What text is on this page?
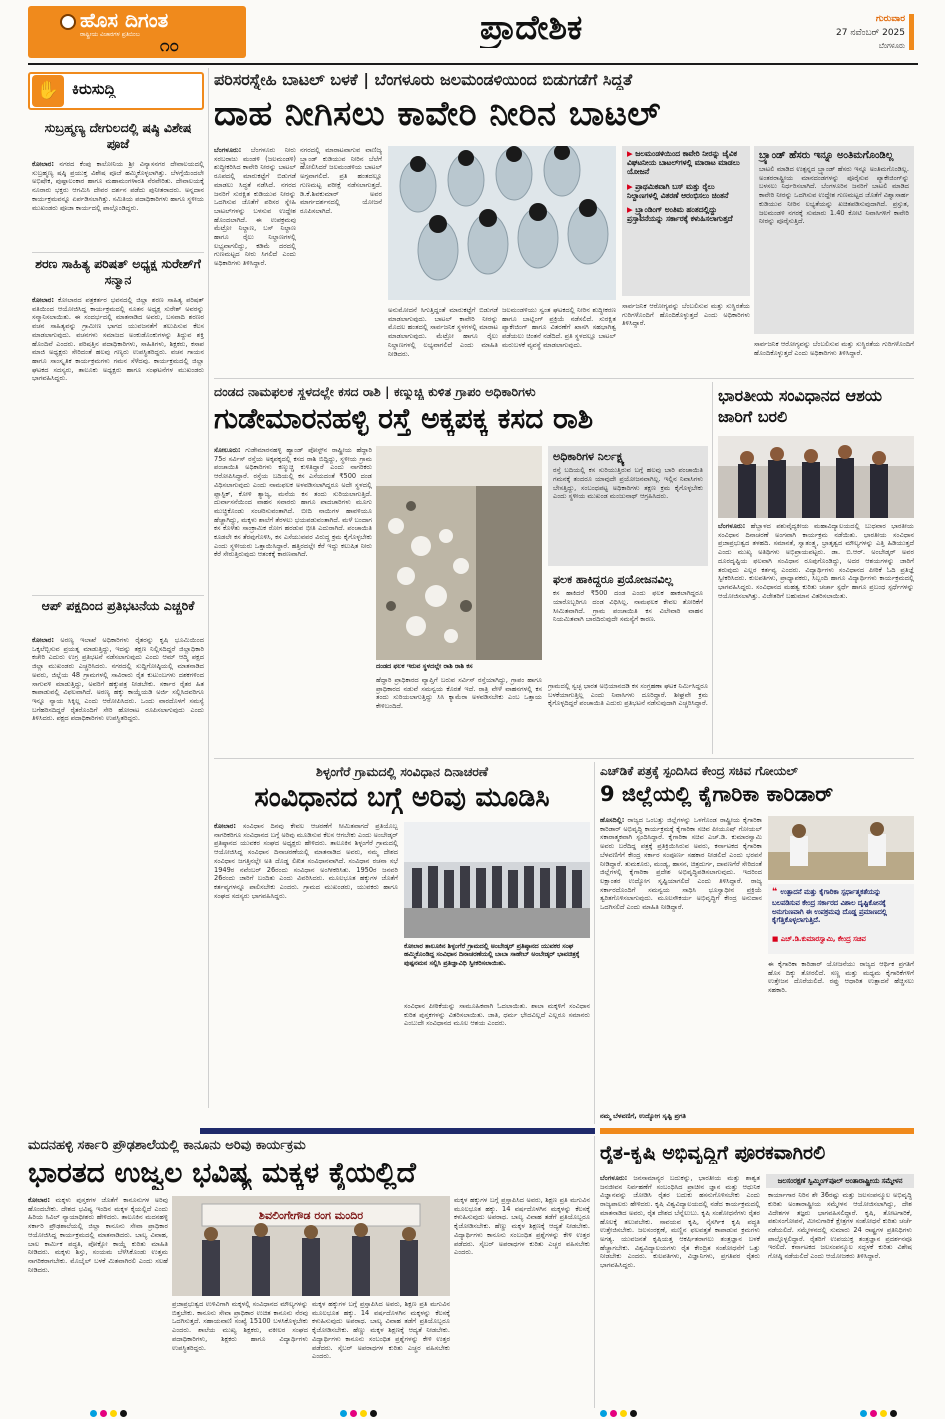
ಹೊಸ ದಿಗಂತ
ರಾಷ್ಟ್ರೀಯ ವಿಚಾರಗಳ ಪ್ರತಿಬಿಂಬ
೧೦	ಪ್ರಾದೇಶಿಕ	ಗುರುವಾರ
27 ನವೆಂಬರ್ 2025
ಬೆಂಗಳೂರು
✋ ಕಿರುಸುದ್ದಿ
ಸುಬ್ರಹ್ಮಣ್ಯ ದೇಗುಲದಲ್ಲಿ ಷಷ್ಠಿ ವಿಶೇಷ ಪೂಜೆ
ಕೋಲಾರ: ನಗರದ ಕೆಂಪು ಕಾಲೋನಿಯ ಶ್ರೀ ವಿನ್ಯಾಸನಗರ ದೇವಾಲಯದಲ್ಲಿ ಸುಬ್ರಹ್ಮಣ್ಯ ಷಷ್ಠಿ ಪ್ರಯುಕ್ತ ವಿಶೇಷ ಪೂಜೆ ಹಮ್ಮಿಕೊಳ್ಳಲಾಗಿತ್ತು. ಬೆಳಗ್ಗೆಯಿಂದಲೇ ಅಭಿಷೇಕ, ಪುಷ್ಪಾಲಂಕಾರ ಹಾಗೂ ಮಹಾಮಂಗಳಾರತಿ ನೆರವೇರಿತು. ದೇವಾಲಯಕ್ಕೆ ನೂರಾರು ಭಕ್ತರು ಆಗಮಿಸಿ ದೇವರ ದರ್ಶನ ಪಡೆದು ಪುನೀತರಾದರು. ಅನ್ನದಾನ ಕಾರ್ಯಕ್ರಮವನ್ನೂ ಏರ್ಪಡಿಸಲಾಗಿತ್ತು. ಸಮಿತಿಯ ಪದಾಧಿಕಾರಿಗಳು ಹಾಗೂ ಸ್ಥಳೀಯ ಮುಖಂಡರು ಪೂಜಾ ಕಾರ್ಯದಲ್ಲಿ ಪಾಲ್ಗೊಂಡಿದ್ದರು.
ಶರಣ ಸಾಹಿತ್ಯ ಪರಿಷತ್ ಅಧ್ಯಕ್ಷ ಸುರೇಶ್‌ಗೆ ಸನ್ಮಾನ
ಕೋಲಾರ: ಕೋಲಾರದ ಪತ್ರಕರ್ತರ ಭವನದಲ್ಲಿ ಜಿಲ್ಲಾ ಶರಣ ಸಾಹಿತ್ಯ ಪರಿಷತ್ ವತಿಯಿಂದ ಆಯೋಜಿಸಿದ್ದ ಕಾರ್ಯಕ್ರಮದಲ್ಲಿ ನೂತನ ಅಧ್ಯಕ್ಷ ಸುರೇಶ್ ಅವರನ್ನು ಸನ್ಮಾನಿಸಲಾಯಿತು. ಈ ಸಂದರ್ಭದಲ್ಲಿ ಮಾತನಾಡಿದ ಅವರು, ಬಸವಾದಿ ಶರಣರ ವಚನ ಸಾಹಿತ್ಯವನ್ನು ಗ್ರಾಮೀಣ ಭಾಗದ ಯುವಜನತೆಗೆ ತಲುಪಿಸುವ ಕೆಲಸ ಮಾಡಲಾಗುವುದು. ವಚನಗಳು ಸಮಾಜದ ಅಂಕುಡೊಂಕುಗಳನ್ನು ತಿದ್ದುವ ಶಕ್ತಿ ಹೊಂದಿವೆ ಎಂದರು. ಪರಿಷತ್ತಿನ ಪದಾಧಿಕಾರಿಗಳು, ಸಾಹಿತಿಗಳು, ಶಿಕ್ಷಕರು, ಕಸಾಪ ಮಾಜಿ ಅಧ್ಯಕ್ಷರು ಸೇರಿದಂತೆ ಹಲವು ಗಣ್ಯರು ಉಪಸ್ಥಿತರಿದ್ದರು. ವಚನ ಗಾಯನ ಹಾಗೂ ಸಾಂಸ್ಕೃತಿಕ ಕಾರ್ಯಕ್ರಮಗಳು ಗಮನ ಸೆಳೆದವು. ಕಾರ್ಯಕ್ರಮದಲ್ಲಿ ಜಿಲ್ಲಾ ಘಟಕದ ಸದಸ್ಯರು, ತಾಲೂಕು ಅಧ್ಯಕ್ಷರು ಹಾಗೂ ಸಂಘಟನೆಗಳ ಮುಖಂಡರು ಭಾಗವಹಿಸಿದ್ದರು.
ಆಪ್ ಪಕ್ಷದಿಂದ ಪ್ರತಿಭಟನೆಯ ಎಚ್ಚರಿಕೆ
ಕೋಲಾರ: ಅರಣ್ಯ ಇಲಾಖೆ ಅಧಿಕಾರಿಗಳು ರೈತರನ್ನು ಕೃಷಿ ಭೂಮಿಯಿಂದ ಒಕ್ಕಲೆಬ್ಬಿಸುವ ಪ್ರಯತ್ನ ಮಾಡುತ್ತಿದ್ದು, ಇದನ್ನು ತಕ್ಷಣ ನಿಲ್ಲಿಸದಿದ್ದರೆ ಜಿಲ್ಲಾಧಿಕಾರಿ ಕಚೇರಿ ಎದುರು ಉಗ್ರ ಪ್ರತಿಭಟನೆ ನಡೆಸಲಾಗುವುದು ಎಂದು ಆಮ್ ಆದ್ಮಿ ಪಕ್ಷದ ಜಿಲ್ಲಾ ಮುಖಂಡರು ಎಚ್ಚರಿಸಿದರು. ನಗರದಲ್ಲಿ ಸುದ್ದಿಗೋಷ್ಠಿಯಲ್ಲಿ ಮಾತನಾಡಿದ ಅವರು, ಜಿಲ್ಲೆಯ 48 ಗ್ರಾಮಗಳಲ್ಲಿ ಸಾವಿರಾರು ರೈತ ಕುಟುಂಬಗಳು ದಶಕಗಳಿಂದ ಸಾಗುವಳಿ ಮಾಡುತ್ತಿದ್ದು, ಅವರಿಗೆ ಹಕ್ಕುಪತ್ರ ನೀಡಬೇಕು. ಸರ್ಕಾರ ರೈತರ ಹಿತ ಕಾಪಾಡುವಲ್ಲಿ ವಿಫಲವಾಗಿದೆ. ಅರಣ್ಯ ಹಕ್ಕು ಕಾಯ್ದೆಯಡಿ ಅರ್ಜಿ ಸಲ್ಲಿಸಿದವರಿಗೂ ಇನ್ನೂ ನ್ಯಾಯ ಸಿಕ್ಕಿಲ್ಲ ಎಂದು ಆರೋಪಿಸಿದರು. ಒಂದು ವಾರದೊಳಗೆ ಸಮಸ್ಯೆ ಬಗೆಹರಿಸದಿದ್ದರೆ ರೈತರೊಂದಿಗೆ ಸೇರಿ ಹೋರಾಟ ರೂಪಿಸಲಾಗುವುದು ಎಂದು ತಿಳಿಸಿದರು. ಪಕ್ಷದ ಪದಾಧಿಕಾರಿಗಳು ಉಪಸ್ಥಿತರಿದ್ದರು.
ಪರಿಸರಸ್ನೇಹಿ ಬಾಟಲ್ ಬಳಕೆ | ಬೆಂಗಳೂರು ಜಲಮಂಡಳಿಯಿಂದ ಬಿಡುಗಡೆಗೆ ಸಿದ್ಧತೆ
ದಾಹ ನೀಗಿಸಲು ಕಾವೇರಿ ನೀರಿನ ಬಾಟಲ್
ಬೆಂಗಳೂರು: ಬೆಂಗಳೂರು ನೀರು ಸರಬರಾಜು ಮಂಡಳಿ (ಜಲಮಂಡಳಿ) ಶುದ್ಧೀಕರಿಸಿದ ಕಾವೇರಿ ನೀರನ್ನು ಬಾಟಲ್ ರೂಪದಲ್ಲಿ ಮಾರುಕಟ್ಟೆಗೆ ಬಿಡುಗಡೆ ಮಾಡಲು ಸಿದ್ಧತೆ ನಡೆಸಿದೆ. ನಗರದ ಜನರಿಗೆ ಸುರಕ್ಷಿತ ಕುಡಿಯುವ ನೀರನ್ನು ಒದಗಿಸುವ ಜೊತೆಗೆ ಪರಿಸರ ಸ್ನೇಹಿ ಬಾಟಲ್‌ಗಳನ್ನು ಬಳಸುವ ಉದ್ದೇಶ ಹೊಂದಲಾಗಿದೆ. ಈ ಉಪಕ್ರಮವು ಮೆಟ್ರೋ ನಿಲ್ದಾಣ, ಬಸ್ ನಿಲ್ದಾಣ ಹಾಗೂ ರೈಲು ನಿಲ್ದಾಣಗಳಲ್ಲಿ ಲಭ್ಯವಾಗಲಿದ್ದು, ಕಡಿಮೆ ದರದಲ್ಲಿ ಗುಣಮಟ್ಟದ ನೀರು ಸಿಗಲಿದೆ ಎಂದು ಅಧಿಕಾರಿಗಳು ತಿಳಿಸಿದ್ದಾರೆ.
ನಗರದಲ್ಲಿ ಮಾರಾಟವಾಗುವ ವಾಣಿಜ್ಯ ಬ್ರ್ಯಾಂಡ್ ಕುಡಿಯುವ ನೀರಿನ ಬೆಲೆಗೆ ಹೋಲಿಸಿದರೆ ಜಲಮಂಡಳಿಯ ಬಾಟಲ್ ಅಗ್ಗವಾಗಲಿದೆ. ಪ್ರತಿ ಹಂತದಲ್ಲೂ ಗುಣಮಟ್ಟ ಪರೀಕ್ಷೆ ನಡೆಸಲಾಗುತ್ತದೆ. ಡಿ.ಕೆ.ಶಿವಕುಮಾರ್ ಅವರ ಮಾರ್ಗದರ್ಶನದಲ್ಲಿ ಯೋಜನೆ ರೂಪಿಸಲಾಗಿದೆ.
ಅನುಮೋದನೆ ಸಿಗುತ್ತಿದ್ದಂತೆ ಮಾರುಕಟ್ಟೆಗೆ ಬಿಡುಗಡೆ ಮಾಡಲಾಗುವುದು. ಬಾಟಲ್ ಕಾವೇರಿ ನೀರನ್ನು ಮೊದಲ ಹಂತದಲ್ಲಿ ಸಾರ್ವಜನಿಕ ಸ್ಥಳಗಳಲ್ಲಿ ಮಾರಾಟ ಮಾಡಲಾಗುವುದು. ಮೆಟ್ರೋ ಹಾಗೂ ರೈಲು ನಿಲ್ದಾಣಗಳಲ್ಲಿ ಲಭ್ಯವಾಗಲಿದೆ ಎಂದು ಮಾಹಿತಿ ನೀಡಿದರು.
ಜಲಮಂಡಳಿಯು ಸ್ವಂತ ಘಟಕದಲ್ಲಿ ನೀರಿನ ಶುದ್ಧೀಕರಣ ಹಾಗೂ ಬಾಟ್ಲಿಂಗ್ ಪ್ರಕ್ರಿಯೆ ನಡೆಸಲಿದೆ. ಸುರಕ್ಷಿತ ಪ್ಯಾಕೇಜಿಂಗ್ ಹಾಗೂ ವಿತರಣೆಗೆ ಖಾಸಗಿ ಸಹಭಾಗಿತ್ವ ಪಡೆಯಲು ಚಿಂತನೆ ನಡೆದಿದೆ. ಪ್ರತಿ ಸ್ಥಳದಲ್ಲೂ ಬಾಟಲ್ ಮರುಬಳಕೆ ವ್ಯವಸ್ಥೆ ಮಾಡಲಾಗುವುದು.
▶ ಜಲಮಂಡಳಿಯಿಂದ ಕಾವೇರಿ ನೀರನ್ನು ಜೈವಿಕ ವಿಘಟನೀಯ ಬಾಟಲ್‌ಗಳಲ್ಲಿ ಮಾರಾಟ ಮಾಡಲು ಯೋಜನೆ
▶ ಪ್ರಾಥಮಿಕವಾಗಿ ಬಸ್ ಮತ್ತು ರೈಲು ನಿಲ್ದಾಣಗಳಲ್ಲಿ ವಿತರಣೆ ಆರಂಭಿಸಲು ಚಿಂತನೆ
▶ ಬ್ರ್ಯಾಂಡಿಂಗ್ ಅಂತಿಮ ಹಂತದಲ್ಲಿದ್ದು ಪ್ರಸ್ತಾವನೆಯನ್ನು ಸರ್ಕಾರಕ್ಕೆ ಕಳುಹಿಸಲಾಗುತ್ತದೆ
ಸಾರ್ವಜನಿಕ ಆರೋಗ್ಯವನ್ನು ಬೆಂಬಲಿಸುವ ಮತ್ತು ಸುಸ್ಥಿರತೆಯ ಗುರಿಗಳೊಂದಿಗೆ ಹೊಂದಿಕೊಳ್ಳುತ್ತದೆ ಎಂದು ಅಧಿಕಾರಿಗಳು ತಿಳಿಸಿದ್ದಾರೆ.
ಬ್ರ್ಯಾಂಡ್ ಹೆಸರು ಇನ್ನೂ ಅಂತಿಮಗೊಂಡಿಲ್ಲ
ಬಾಟಲಿ ಮಾಡಿದ ಉತ್ಪನ್ನದ ಬ್ರ್ಯಾಂಡ್ ಹೆಸರು ಇನ್ನೂ ಅಂತಿಮಗೊಂಡಿಲ್ಲ. ಅಂತರರಾಷ್ಟ್ರೀಯ ಮಾನದಂಡಗಳನ್ನು ಪೂರೈಸುವ ಪ್ಯಾಕೇಜಿಂಗ್‌ನ್ನು ಬಳಸಲು ನಿರ್ಧರಿಸಲಾಗಿದೆ. ಬೆಂಗಳೂರಿನ ಜನರಿಗೆ ಬಾಟಲಿ ಮಾಡಿದ ಕಾವೇರಿ ನೀರನ್ನು ಒದಗಿಸುವ ಉದ್ದೇಶ ಗುಣಮಟ್ಟದ ಜೊತೆಗೆ ವಿಶ್ವಾಸಾರ್ಹ ಕುಡಿಯುವ ನೀರಿನ ಲಭ್ಯತೆಯನ್ನು ಖಚಿತಪಡಿಸುವುದಾಗಿದೆ. ಪ್ರಸ್ತುತ, ಜಲಮಂಡಳಿ ನಗರಕ್ಕೆ ಸುಮಾರು 1.40 ಕೋಟಿ ನಿವಾಸಿಗಳಿಗೆ ಕಾವೇರಿ ನೀರನ್ನು ಪೂರೈಸುತ್ತಿದೆ.
ಸಾರ್ವಜನಿಕ ಆರೋಗ್ಯವನ್ನು ಬೆಂಬಲಿಸುವ ಮತ್ತು ಸುಸ್ಥಿರತೆಯ ಗುರಿಗಳೊಂದಿಗೆ ಹೊಂದಿಕೊಳ್ಳುತ್ತದೆ ಎಂದು ಅಧಿಕಾರಿಗಳು ತಿಳಿಸಿದ್ದಾರೆ.
ದಂಡದ ನಾಮಫಲಕ ಸ್ಥಳದಲ್ಲೇ ಕಸದ ರಾಶಿ | ಕಣ್ಮುಚ್ಚಿ ಕುಳಿತ ಗ್ರಾಪಂ ಅಧಿಕಾರಿಗಳು
ಗುಡೇಮಾರನಹಳ್ಳಿ ರಸ್ತೆ ಅಕ್ಕಪಕ್ಕ ಕಸದ ರಾಶಿ
ಸೋಲೂರು: ಗುಡೇಮಾರನಹಳ್ಳಿ ಹ್ಯಾಂಡ್ ಪೋಸ್ಟ್‌ನ ರಾಷ್ಟ್ರೀಯ ಹೆದ್ದಾರಿ 75ರ ಸರ್ವಿಸ್ ರಸ್ತೆಯ ಅಕ್ಕಪಕ್ಕದಲ್ಲಿ ಕಸದ ರಾಶಿ ಬಿದ್ದಿದ್ದು, ಸ್ಥಳೀಯ ಗ್ರಾಮ ಪಂಚಾಯಿತಿ ಅಧಿಕಾರಿಗಳು ಕಣ್ಮುಚ್ಚಿ ಕುಳಿತಿದ್ದಾರೆ ಎಂದು ನಾಗರಿಕರು ಆರೋಪಿಸಿದ್ದಾರೆ. ರಸ್ತೆಯ ಬದಿಯಲ್ಲಿ ಕಸ ಎಸೆಯದಂತೆ ₹500 ದಂಡ ವಿಧಿಸಲಾಗುವುದು ಎಂದು ನಾಮಫಲಕ ಅಳವಡಿಸಲಾಗಿದ್ದರೂ ಅದೇ ಸ್ಥಳದಲ್ಲಿ ಪ್ಲಾಸ್ಟಿಕ್, ಕೋಳಿ ತ್ಯಾಜ್ಯ, ಮನೆಯ ಕಸ ತಂದು ಸುರಿಯಲಾಗುತ್ತಿದೆ. ದುರ್ವಾಸನೆಯಿಂದ ವಾಹನ ಸವಾರರು ಹಾಗೂ ಪಾದಚಾರಿಗಳು ಮೂಗು ಮುಚ್ಚಿಕೊಂಡು ಸಂಚರಿಸುವಂತಾಗಿದೆ. ಬೀದಿ ನಾಯಿಗಳ ಹಾವಳಿಯೂ ಹೆಚ್ಚಾಗಿದ್ದು, ಮಕ್ಕಳು ಶಾಲೆಗೆ ತೆರಳಲು ಭಯಪಡುವಂತಾಗಿದೆ. ಮಳೆ ಬಂದಾಗ ಕಸ ಕೊಳೆತು ಸಾಂಕ್ರಾಮಿಕ ರೋಗ ಹರಡುವ ಭೀತಿ ಎದುರಾಗಿದೆ. ಪಂಚಾಯಿತಿ ಕೂಡಲೇ ಕಸ ತೆರವುಗೊಳಿಸಿ, ಕಸ ಎಸೆಯುವವರ ವಿರುದ್ಧ ಕ್ರಮ ಕೈಗೊಳ್ಳಬೇಕು ಎಂದು ಸ್ಥಳೀಯರು ಒತ್ತಾಯಿಸಿದ್ದಾರೆ. ಹತ್ತಿರದಲ್ಲೇ ಕೆರೆ ಇದ್ದು ಕಲುಷಿತ ನೀರು ಕೆರೆ ಸೇರುತ್ತಿರುವುದು ಆತಂಕಕ್ಕೆ ಕಾರಣವಾಗಿದೆ.
ದಂಡದ ಫಲಕ ಇರುವ ಸ್ಥಳದಲ್ಲೇ ರಾಶಿ ರಾಶಿ ಕಸ
ಹೆದ್ದಾರಿ ಪ್ರಾಧಿಕಾರದ ವ್ಯಾಪ್ತಿಗೆ ಬರುವ ಸರ್ವಿಸ್ ರಸ್ತೆಯಾಗಿದ್ದು, ಗ್ರಾಪಂ ಹಾಗೂ ಪ್ರಾಧಿಕಾರದ ನಡುವೆ ಸಮನ್ವಯ ಕೊರತೆ ಇದೆ. ರಾತ್ರಿ ವೇಳೆ ವಾಹನಗಳಲ್ಲಿ ಕಸ ತಂದು ಸುರಿಯಲಾಗುತ್ತಿದ್ದು ಸಿಸಿ ಕ್ಯಾಮೆರಾ ಅಳವಡಿಸಬೇಕು ಎಂಬ ಒತ್ತಾಯ ಕೇಳಿಬಂದಿದೆ.
ಅಧಿಕಾರಿಗಳ ನಿರ್ಲಕ್ಷ್ಯ
ರಸ್ತೆ ಬದಿಯಲ್ಲಿ ಕಸ ಸುರಿಯುತ್ತಿರುವ ಬಗ್ಗೆ ಹಲವು ಬಾರಿ ಪಂಚಾಯಿತಿ ಗಮನಕ್ಕೆ ತಂದರೂ ಯಾವುದೇ ಪ್ರಯೋಜನವಾಗಿಲ್ಲ. ಇಲ್ಲಿನ ನಿವಾಸಿಗಳು ಬೇಸತ್ತಿದ್ದು, ಸಂಬಂಧಪಟ್ಟ ಅಧಿಕಾರಿಗಳು ತಕ್ಷಣ ಕ್ರಮ ಕೈಗೊಳ್ಳಬೇಕು ಎಂದು ಸ್ಥಳೀಯ ಮುಖಂಡ ಮಂಜುನಾಥ್ ಆಗ್ರಹಿಸಿದರು.
ಫಲಕ ಹಾಕಿದ್ದರೂ ಪ್ರಯೋಜನವಿಲ್ಲ
ಕಸ ಹಾಕಿದರೆ ₹500 ದಂಡ ಎಂದು ಫಲಕ ಹಾಕಲಾಗಿದ್ದರೂ ಯಾರೊಬ್ಬರಿಗೂ ದಂಡ ವಿಧಿಸಿಲ್ಲ. ನಾಮಫಲಕ ಕೇವಲ ತೋರಿಕೆಗೆ ಸೀಮಿತವಾಗಿದೆ. ಗ್ರಾಮ ಪಂಚಾಯಿತಿ ಕಸ ವಿಲೇವಾರಿ ವಾಹನ ನಿಯಮಿತವಾಗಿ ಬಾರದಿರುವುದೇ ಸಮಸ್ಯೆಗೆ ಕಾರಣ.
ಗ್ರಾಮದಲ್ಲಿ ಸ್ವಚ್ಛ ಭಾರತ ಅಭಿಯಾನದಡಿ ಕಸ ಸಂಗ್ರಹಣಾ ಘಟಕ ನಿರ್ಮಿಸಿದ್ದರೂ ಬಳಕೆಯಾಗುತ್ತಿಲ್ಲ ಎಂದು ನಿವಾಸಿಗಳು ದೂರಿದ್ದಾರೆ. ಶೀಘ್ರವೇ ಕ್ರಮ ಕೈಗೊಳ್ಳದಿದ್ದರೆ ಪಂಚಾಯಿತಿ ಎದುರು ಪ್ರತಿಭಟನೆ ನಡೆಸುವುದಾಗಿ ಎಚ್ಚರಿಸಿದ್ದಾರೆ.
ಭಾರತೀಯ ಸಂವಿಧಾನದ ಆಶಯ ಜಾರಿಗೆ ಬರಲಿ
ಬೆಂಗಳೂರು: ಹೆಬ್ಬಾಳದ ಪಶುವೈದ್ಯಕೀಯ ಮಹಾವಿದ್ಯಾಲಯದಲ್ಲಿ ಬುಧವಾರ ಭಾರತೀಯ ಸಂವಿಧಾನ ದಿನಾಚರಣೆ ಅಂಗವಾಗಿ ಕಾರ್ಯಕ್ರಮ ನಡೆಯಿತು. ಭಾರತೀಯ ಸಂವಿಧಾನ ಪ್ರಜಾಪ್ರಭುತ್ವದ ತಳಹದಿ. ಸಮಾನತೆ, ಸ್ವಾತಂತ್ರ್ಯ, ಭ್ರಾತೃತ್ವದ ಮೌಲ್ಯಗಳನ್ನು ಎತ್ತಿ ಹಿಡಿಯುತ್ತದೆ ಎಂದು ಮುಖ್ಯ ಅತಿಥಿಗಳು ಅಭಿಪ್ರಾಯಪಟ್ಟರು. ಡಾ. ಬಿ.ಆರ್. ಅಂಬೇಡ್ಕರ್ ಅವರ ದೂರದೃಷ್ಟಿಯ ಫಲವಾಗಿ ಸಂವಿಧಾನ ರೂಪುಗೊಂಡಿದ್ದು, ಅದರ ಆಶಯಗಳನ್ನು ಜಾರಿಗೆ ತರುವುದು ಎಲ್ಲರ ಕರ್ತವ್ಯ ಎಂದರು. ವಿದ್ಯಾರ್ಥಿಗಳು ಸಂವಿಧಾನದ ಪೀಠಿಕೆ ಓದಿ ಪ್ರತಿಜ್ಞೆ ಸ್ವೀಕರಿಸಿದರು. ಕುಲಪತಿಗಳು, ಪ್ರಾಧ್ಯಾಪಕರು, ಸಿಬ್ಬಂದಿ ಹಾಗೂ ವಿದ್ಯಾರ್ಥಿಗಳು ಕಾರ್ಯಕ್ರಮದಲ್ಲಿ ಭಾಗವಹಿಸಿದ್ದರು. ಸಂವಿಧಾನದ ಮಹತ್ವ ಕುರಿತು ಚರ್ಚಾ ಸ್ಪರ್ಧೆ ಹಾಗೂ ಪ್ರಬಂಧ ಸ್ಪರ್ಧೆಗಳನ್ನು ಆಯೋಜಿಸಲಾಗಿತ್ತು. ವಿಜೇತರಿಗೆ ಬಹುಮಾನ ವಿತರಿಸಲಾಯಿತು.
ಶಿಳ್ಳಂಗೆರೆ ಗ್ರಾಮದಲ್ಲಿ ಸಂವಿಧಾನ ದಿನಾಚರಣೆ
ಸಂವಿಧಾನದ ಬಗ್ಗೆ ಅರಿವು ಮೂಡಿಸಿ
ಕೋಲಾರ: ಸಂವಿಧಾನ ದಿನವು ಕೇವಲ ಆಚರಣೆಗೆ ಸೀಮಿತವಾಗದೆ ಪ್ರತಿಯೊಬ್ಬ ನಾಗರಿಕರಿಗೂ ಸಂವಿಧಾನದ ಬಗ್ಗೆ ಅರಿವು ಮೂಡಿಸುವ ಕೆಲಸ ಆಗಬೇಕು ಎಂದು ಅಂಬೇಡ್ಕರ್ ಪ್ರತಿಷ್ಠಾನದ ಯುವಕರ ಸಂಘದ ಅಧ್ಯಕ್ಷರು ಹೇಳಿದರು. ತಾಲೂಕಿನ ಶಿಳ್ಳಂಗೆರೆ ಗ್ರಾಮದಲ್ಲಿ ಆಯೋಜಿಸಿದ್ದ ಸಂವಿಧಾನ ದಿನಾಚರಣೆಯಲ್ಲಿ ಮಾತನಾಡಿದ ಅವರು, ನಮ್ಮ ದೇಶದ ಸಂವಿಧಾನ ಜಗತ್ತಿನಲ್ಲೇ ಅತಿ ದೊಡ್ಡ ಲಿಖಿತ ಸಂವಿಧಾನವಾಗಿದೆ. ಸಂವಿಧಾನ ರಚನಾ ಸಭೆ 1949ರ ನವೆಂಬರ್ 26ರಂದು ಸಂವಿಧಾನ ಅಂಗೀಕರಿಸಿತು. 1950ರ ಜನವರಿ 26ರಂದು ಜಾರಿಗೆ ಬಂದಿತು ಎಂದು ವಿವರಿಸಿದರು. ಮೂಲಭೂತ ಹಕ್ಕುಗಳ ಜೊತೆಗೆ ಕರ್ತವ್ಯಗಳನ್ನೂ ಪಾಲಿಸಬೇಕು ಎಂದರು. ಗ್ರಾಮದ ಮುಖಂಡರು, ಯುವಕರು ಹಾಗೂ ಸಂಘದ ಸದಸ್ಯರು ಭಾಗವಹಿಸಿದ್ದರು.
ಕೋಲಾರ ತಾಲೂಕಿನ ಶಿಳ್ಳಂಗೆರೆ ಗ್ರಾಮದಲ್ಲಿ ಅಂಬೇಡ್ಕರ್ ಪ್ರತಿಷ್ಠಾನದ ಯುವಕರ ಸಂಘ ಹಮ್ಮಿಕೊಂಡಿದ್ದ ಸಂವಿಧಾನ ದಿನಾಚರಣೆಯಲ್ಲಿ ಬಾಬಾ ಸಾಹೇಬ್ ಅಂಬೇಡ್ಕರ್ ಭಾವಚಿತ್ರಕ್ಕೆ ಪುಷ್ಪನಮನ ಸಲ್ಲಿಸಿ ಪ್ರತಿಜ್ಞಾವಿಧಿ ಸ್ವೀಕರಿಸಲಾಯಿತು.
ಸಂವಿಧಾನ ಪೀಠಿಕೆಯನ್ನು ಸಾಮೂಹಿಕವಾಗಿ ಓದಲಾಯಿತು. ಶಾಲಾ ಮಕ್ಕಳಿಗೆ ಸಂವಿಧಾನ ಕುರಿತ ಪುಸ್ತಕಗಳನ್ನು ವಿತರಿಸಲಾಯಿತು. ಜಾತಿ, ಧರ್ಮ ಭೇದವಿಲ್ಲದೆ ಎಲ್ಲರೂ ಸಮಾನರು ಎಂಬುದೇ ಸಂವಿಧಾನದ ಮೂಲ ಆಶಯ ಎಂದರು.
ಎಚ್‌ಡಿಕೆ ಪತ್ರಕ್ಕೆ ಸ್ಪಂದಿಸಿದ ಕೇಂದ್ರ ಸಚಿವ ಗೋಯಲ್
9 ಜಿಲ್ಲೆಯಲ್ಲಿ ಕೈಗಾರಿಕಾ ಕಾರಿಡಾರ್
ಹೊಸದಿಲ್ಲಿ: ರಾಜ್ಯದ ಒಂಬತ್ತು ಜಿಲ್ಲೆಗಳನ್ನು ಒಳಗೊಂಡ ರಾಷ್ಟ್ರೀಯ ಕೈಗಾರಿಕಾ ಕಾರಿಡಾರ್ ಅಭಿವೃದ್ಧಿ ಕಾರ್ಯಕ್ರಮಕ್ಕೆ ಕೈಗಾರಿಕಾ ಸಚಿವ ಪೀಯೂಷ್ ಗೋಯಲ್ ಸಕಾರಾತ್ಮಕವಾಗಿ ಸ್ಪಂದಿಸಿದ್ದಾರೆ. ಕೈಗಾರಿಕಾ ಸಚಿವ ಎಚ್.ಡಿ. ಕುಮಾರಸ್ವಾಮಿ ಅವರು ಬರೆದಿದ್ದ ಪತ್ರಕ್ಕೆ ಪ್ರತಿಕ್ರಿಯಿಸಿರುವ ಅವರು, ಕರ್ನಾಟಕದ ಕೈಗಾರಿಕಾ ಬೆಳವಣಿಗೆಗೆ ಕೇಂದ್ರ ಸರ್ಕಾರ ಸಂಪೂರ್ಣ ಸಹಕಾರ ನೀಡಲಿದೆ ಎಂದು ಭರವಸೆ ನೀಡಿದ್ದಾರೆ. ತುಮಕೂರು, ಮಂಡ್ಯ, ಹಾಸನ, ಚಿತ್ರದುರ್ಗ, ದಾವಣಗೆರೆ ಸೇರಿದಂತೆ ಜಿಲ್ಲೆಗಳಲ್ಲಿ ಕೈಗಾರಿಕಾ ಪ್ರದೇಶ ಅಭಿವೃದ್ಧಿಪಡಿಸಲಾಗುವುದು. ಇದರಿಂದ ಲಕ್ಷಾಂತರ ಉದ್ಯೋಗ ಸೃಷ್ಟಿಯಾಗಲಿದೆ ಎಂದು ತಿಳಿಸಿದ್ದಾರೆ. ರಾಜ್ಯ ಸರ್ಕಾರದೊಂದಿಗೆ ಸಮನ್ವಯ ಸಾಧಿಸಿ ಭೂಸ್ವಾಧೀನ ಪ್ರಕ್ರಿಯೆ ತ್ವರಿತಗೊಳಿಸಲಾಗುವುದು. ಮೂಲಸೌಕರ್ಯ ಅಭಿವೃದ್ಧಿಗೆ ಕೇಂದ್ರ ಅನುದಾನ ಒದಗಿಸಲಿದೆ ಎಂದು ಮಾಹಿತಿ ನೀಡಿದ್ದಾರೆ.
❝ ಉತ್ಪಾದನೆ ಮತ್ತು ಕೈಗಾರಿಕಾ ಸ್ಪರ್ಧಾತ್ಮಕತೆಯನ್ನು ಬಲಪಡಿಸುವ ಕೇಂದ್ರ ಸರ್ಕಾರದ ವಿಶಾಲ ದೃಷ್ಟಿಕೋನಕ್ಕೆ ಅನುಗುಣವಾಗಿ ಈ ಉಪಕ್ರಮವು ದೊಡ್ಡ ಪ್ರಮಾಣದಲ್ಲಿ ಕೈಗೆತ್ತಿಕೊಳ್ಳಲಾಗುತ್ತಿದೆ.
■ ಎಚ್.ಡಿ.ಕುಮಾರಸ್ವಾಮಿ, ಕೇಂದ್ರ ಸಚಿವ
ಈ ಕೈಗಾರಿಕಾ ಕಾರಿಡಾರ್ ಯೋಜನೆಯು ರಾಜ್ಯದ ಆರ್ಥಿಕ ಪ್ರಗತಿಗೆ ಹೊಸ ದಿಕ್ಕು ತೋರಲಿದೆ. ಸಣ್ಣ ಮತ್ತು ಮಧ್ಯಮ ಕೈಗಾರಿಕೆಗಳಿಗೆ ಉತ್ತೇಜನ ದೊರೆಯಲಿದೆ. ರಫ್ತು ಆಧಾರಿತ ಉತ್ಪಾದನೆ ಹೆಚ್ಚಿಸಲು ಸಹಕಾರಿ.
ನಮ್ಮ ಬೆಳವಣಿಗೆ, ಉದ್ಯೋಗ ಸೃಷ್ಟಿ ಪ್ರಗತಿ
ಮದನಹಳ್ಳಿ ಸರ್ಕಾರಿ ಪ್ರೌಢಶಾಲೆಯಲ್ಲಿ ಕಾನೂನು ಅರಿವು ಕಾರ್ಯಕ್ರಮ
ಭಾರತದ ಉಜ್ವಲ ಭವಿಷ್ಯ ಮಕ್ಕಳ ಕೈಯಲ್ಲಿದೆ
ಕೋಲಾರ: ಮಕ್ಕಳು ಪುಸ್ತಕಗಳ ಜೊತೆಗೆ ಕಾನೂನುಗಳ ಅರಿವು ಹೊಂದಬೇಕು. ದೇಶದ ಭವಿಷ್ಯ ಇಂದಿನ ಮಕ್ಕಳ ಕೈಯಲ್ಲಿದೆ ಎಂದು ಹಿರಿಯ ಸಿವಿಲ್ ನ್ಯಾಯಾಧೀಶರು ಹೇಳಿದರು. ತಾಲೂಕಿನ ಮದನಹಳ್ಳಿ ಸರ್ಕಾರಿ ಪ್ರೌಢಶಾಲೆಯಲ್ಲಿ ಜಿಲ್ಲಾ ಕಾನೂನು ಸೇವಾ ಪ್ರಾಧಿಕಾರ ಆಯೋಜಿಸಿದ್ದ ಕಾರ್ಯಕ್ರಮದಲ್ಲಿ ಮಾತನಾಡಿದರು. ಬಾಲ್ಯ ವಿವಾಹ, ಬಾಲ ಕಾರ್ಮಿಕ ಪದ್ಧತಿ, ಪೋಕ್ಸೋ ಕಾಯ್ದೆ ಕುರಿತು ಮಾಹಿತಿ ನೀಡಿದರು. ಮಕ್ಕಳು ಶಿಸ್ತು, ಸಂಯಮ ಬೆಳೆಸಿಕೊಂಡು ಉತ್ತಮ ನಾಗರಿಕರಾಗಬೇಕು. ಮೊಬೈಲ್ ಬಳಕೆ ಮಿತವಾಗಿರಲಿ ಎಂದು ಸಲಹೆ ನೀಡಿದರು.
ಶಿವಲಿಂಗೇಗೌಡ ರಂಗ ಮಂದಿರ
ಪ್ರಜಾಪ್ರಭುತ್ವದ ಉಳಿವಿಗಾಗಿ ಮಕ್ಕಳಲ್ಲಿ ಸಂವಿಧಾನದ ಮೌಲ್ಯಗಳನ್ನು ಬಿತ್ತಬೇಕು. ಕಾನೂನು ಸೇವಾ ಪ್ರಾಧಿಕಾರ ಉಚಿತ ಕಾನೂನು ನೆರವು ಒದಗಿಸುತ್ತದೆ. ಸಹಾಯವಾಣಿ ಸಂಖ್ಯೆ 15100 ಬಳಸಿಕೊಳ್ಳಬೇಕು ಎಂದರು. ಶಾಲೆಯ ಮುಖ್ಯ ಶಿಕ್ಷಕರು, ವಕೀಲರ ಸಂಘದ ಪದಾಧಿಕಾರಿಗಳು, ಶಿಕ್ಷಕರು ಹಾಗೂ ವಿದ್ಯಾರ್ಥಿಗಳು ಉಪಸ್ಥಿತರಿದ್ದರು.
ಮಕ್ಕಳ ಹಕ್ಕುಗಳ ಬಗ್ಗೆ ಪ್ರಸ್ತಾಪಿಸಿದ ಅವರು, ಶಿಕ್ಷಣ ಪ್ರತಿ ಮಗುವಿನ ಮೂಲಭೂತ ಹಕ್ಕು. 14 ವರ್ಷದೊಳಗಿನ ಮಕ್ಕಳನ್ನು ಕೆಲಸಕ್ಕೆ ಕಳುಹಿಸುವುದು ಅಪರಾಧ. ಬಾಲ್ಯ ವಿವಾಹ ತಡೆಗೆ ಪ್ರತಿಯೊಬ್ಬರೂ ಕೈಜೋಡಿಸಬೇಕು. ಹೆಣ್ಣು ಮಕ್ಕಳ ಶಿಕ್ಷಣಕ್ಕೆ ಆದ್ಯತೆ ನೀಡಬೇಕು. ವಿದ್ಯಾರ್ಥಿಗಳು ಕಾನೂನು ಸಂಬಂಧಿತ ಪ್ರಶ್ನೆಗಳನ್ನು ಕೇಳಿ ಉತ್ತರ ಪಡೆದರು. ಸೈಬರ್ ಅಪರಾಧಗಳ ಕುರಿತು ಎಚ್ಚರ ವಹಿಸಬೇಕು ಎಂದರು.
ಮಕ್ಕಳ ಹಕ್ಕುಗಳ ಬಗ್ಗೆ ಪ್ರಸ್ತಾಪಿಸಿದ ಅವರು, ಶಿಕ್ಷಣ ಪ್ರತಿ ಮಗುವಿನ ಮೂಲಭೂತ ಹಕ್ಕು. 14 ವರ್ಷದೊಳಗಿನ ಮಕ್ಕಳನ್ನು ಕೆಲಸಕ್ಕೆ ಕಳುಹಿಸುವುದು ಅಪರಾಧ. ಬಾಲ್ಯ ವಿವಾಹ ತಡೆಗೆ ಪ್ರತಿಯೊಬ್ಬರೂ ಕೈಜೋಡಿಸಬೇಕು. ಹೆಣ್ಣು ಮಕ್ಕಳ ಶಿಕ್ಷಣಕ್ಕೆ ಆದ್ಯತೆ ನೀಡಬೇಕು. ವಿದ್ಯಾರ್ಥಿಗಳು ಕಾನೂನು ಸಂಬಂಧಿತ ಪ್ರಶ್ನೆಗಳನ್ನು ಕೇಳಿ ಉತ್ತರ ಪಡೆದರು. ಸೈಬರ್ ಅಪರಾಧಗಳ ಕುರಿತು ಎಚ್ಚರ ವಹಿಸಬೇಕು ಎಂದರು.
ರೈತ-ಕೃಷಿ ಅಭಿವೃದ್ಧಿಗೆ ಪೂರಕವಾಗಿರಲಿ
ಬೆಂಗಳೂರು: ಜನಸಾಮಾನ್ಯರ ಬದುಕನ್ನು, ಭಾರತೀಯ ಮತ್ತು ಶಾಶ್ವತ ಜನಜೀವನ ನಿರ್ವಹಣೆಗೆ ಸಂಬಂಧಿಸಿದ ಪ್ರಾಚೀನ ಜ್ಞಾನ ಮತ್ತು ಆಧುನಿಕ ವಿಜ್ಞಾನವನ್ನು ಜೋಡಿಸಿ ರೈತರ ಬದುಕು ಹಸನುಗೊಳಿಸಬೇಕು ಎಂದು ರಾಜ್ಯಪಾಲರು ಹೇಳಿದರು. ಕೃಷಿ ವಿಶ್ವವಿದ್ಯಾಲಯದಲ್ಲಿ ನಡೆದ ಕಾರ್ಯಕ್ರಮದಲ್ಲಿ ಮಾತನಾಡಿದ ಅವರು, ರೈತ ದೇಶದ ಬೆನ್ನೆಲುಬು. ಕೃಷಿ ಸಂಶೋಧನೆಗಳು ರೈತರ ಹೊಲಕ್ಕೆ ತಲುಪಬೇಕು. ಸಾವಯವ ಕೃಷಿ, ನೈಸರ್ಗಿಕ ಕೃಷಿ ಪದ್ಧತಿ ಉತ್ತೇಜಿಸಬೇಕು. ಜಲಸಂರಕ್ಷಣೆ, ಮಣ್ಣಿನ ಫಲವತ್ತತೆ ಕಾಪಾಡುವ ಕ್ರಮಗಳು ಅಗತ್ಯ. ಯುವಜನತೆ ಕೃಷಿಯತ್ತ ಆಕರ್ಷಿತರಾಗಲು ತಂತ್ರಜ್ಞಾನ ಬಳಕೆ ಹೆಚ್ಚಾಗಬೇಕು. ವಿಶ್ವವಿದ್ಯಾಲಯಗಳು ರೈತ ಕೇಂದ್ರಿತ ಸಂಶೋಧನೆಗೆ ಒತ್ತು ನೀಡಬೇಕು ಎಂದರು. ಕುಲಪತಿಗಳು, ವಿಜ್ಞಾನಿಗಳು, ಪ್ರಗತಿಪರ ರೈತರು ಭಾಗವಹಿಸಿದ್ದರು.
ಜಲಸಂರಕ್ಷಣೆ ಸ್ವಿಮ್ಮಿಂಗ್‌ಪೂಲ್ ಅಂತಾರಾಷ್ಟ್ರೀಯ ಸಮ್ಮೇಳನ
ಕಾರ್ಯಾಗಾರ ನಿರಿನ ಶೇ 36ರಷ್ಟು ಮತ್ತು ಜಲಸಂಪನ್ಮೂಲ ಅಭಿವೃದ್ಧಿ ಕುರಿತು ಅಂತಾರಾಷ್ಟ್ರೀಯ ಸಮ್ಮೇಳನ ಆಯೋಜಿಸಲಾಗಿದ್ದು, ದೇಶ ವಿದೇಶಗಳ ತಜ್ಞರು ಭಾಗವಹಿಸಲಿದ್ದಾರೆ. ಕೃಷಿ, ತೋಟಗಾರಿಕೆ, ಪಶುಸಂಗೋಪನೆ, ಮೀನುಗಾರಿಕೆ ಕ್ಷೇತ್ರಗಳ ಸಂಶೋಧನೆ ಕುರಿತು ಚರ್ಚೆ ನಡೆಯಲಿದೆ. ಸಮ್ಮೇಳನದಲ್ಲಿ ಸುಮಾರು 24 ರಾಷ್ಟ್ರಗಳ ಪ್ರತಿನಿಧಿಗಳು ಪಾಲ್ಗೊಳ್ಳಲಿದ್ದಾರೆ. ರೈತರಿಗೆ ಉಪಯುಕ್ತ ತಂತ್ರಜ್ಞಾನ ಪ್ರದರ್ಶನವೂ ಇರಲಿದೆ. ಕರ್ನಾಟಕದ ಜಲಸಂಪನ್ಮೂಲ ಸದ್ಬಳಕೆ ಕುರಿತು ವಿಶೇಷ ಗೋಷ್ಠಿ ನಡೆಯಲಿದೆ ಎಂದು ಆಯೋಜಕರು ತಿಳಿಸಿದ್ದಾರೆ.
